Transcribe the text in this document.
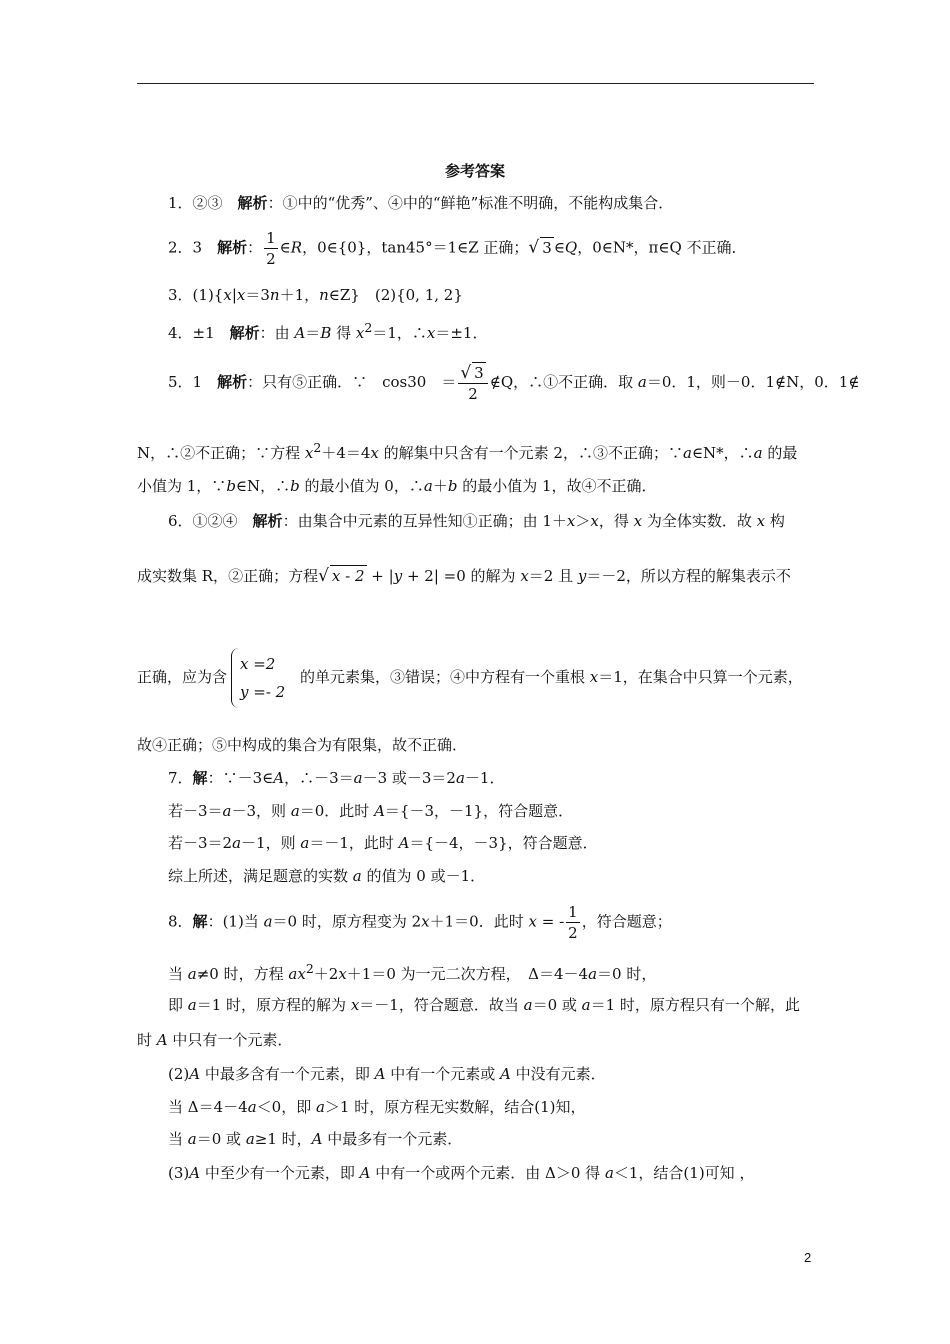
参考答案
1．②③　解析：①中的“优秀”、④中的“鲜艳”标准不明确，不能构成集合．
2．3　解析： $\frac{1}{2}$ ∈R，0∈{0}，tan45°＝1∈Z 正确；√ 3 ∈Q，0∈N*，π∈Q 不正确．
3．(1){x|x＝3n＋1，n∈Z}　(2){0, 1, 2}
4．±1　解析：由 A＝B 得 $x^2=1$，∴x＝±1．
5．1　解析：只有⑤正确．∵　cos30　＝ $\frac{√ 3}{2}$ ∉Q，∴①不正确．取 a＝0．1，则－0．1∉N，0．1∉
N，∴②不正确；∵方程 $x^2+4=4x$ 的解集中只含有一个元素 2，∴③不正确；∵a∈N*，∴a 的最
小值为 1，∵b∈N，∴b 的最小值为 0，∴a＋b 的最小值为 1，故④不正确．
6．①②④　解析：由集合中元素的互异性知①正确；由 1＋x＞x，得 x 为全体实数．故 x 构
成实数集 R，②正确；方程√ x - 2 + |y + 2| =0 的解为 x＝2 且 y＝－2，所以方程的解集表示不
正确，应为含
x =2
y =- 2
的单元素集，③错误；④中方程有一个重根 x＝1，在集合中只算一个元素，
故④正确；⑤中构成的集合为有限集，故不正确．
7．解：∵－3∈A，∴－3＝a－3 或－3＝2a－1．
若－3＝a－3，则 a＝0．此时 A＝{－3，－1}，符合题意．
若－3＝2a－1，则 a＝－1，此时 A＝{－4，－3}，符合题意．
综上所述，满足题意的实数 a 的值为 0 或－1．
8．解：(1)当 a＝0 时，原方程变为 2x＋1＝0．此时 x = - $\frac{1}{2}$ ，符合题意；
当 a≠0 时，方程 $ax^2+2x+1=0$ 为一元二次方程，　Δ＝4－4a＝0 时，
即 a＝1 时，原方程的解为 x＝－1，符合题意．故当 a＝0 或 a＝1 时，原方程只有一个解，此
时 A 中只有一个元素．
(2)A 中最多含有一个元素，即 A 中有一个元素或 A 中没有元素．
当 Δ＝4－4a＜0，即 a＞1 时，原方程无实数解，结合(1)知，
当 a＝0 或 a≥1 时，A 中最多有一个元素．
(3)A 中至少有一个元素，即 A 中有一个或两个元素．由 Δ＞0 得 a＜1，结合(1)可知 ，
2
